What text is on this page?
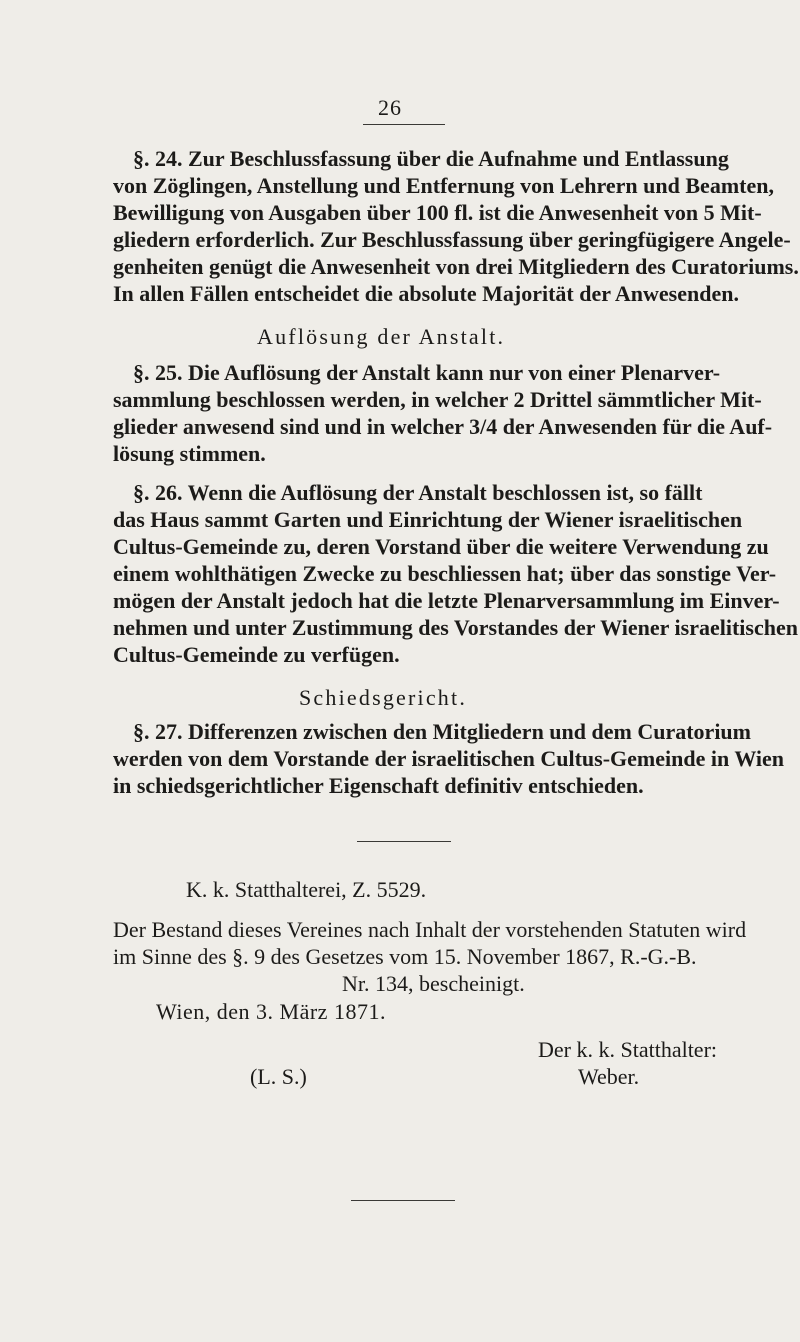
26
§. 24. Zur Beschlussfassung über die Aufnahme und Entlassung
von Zöglingen, Anstellung und Entfernung von Lehrern und Beamten,
Bewilligung von Ausgaben über 100 fl. ist die Anwesenheit von 5 Mit-
gliedern erforderlich. Zur Beschlussfassung über geringfügigere Angele-
genheiten genügt die Anwesenheit von drei Mitgliedern des Curatoriums.
In allen Fällen entscheidet die absolute Majorität der Anwesenden.
Auflösung der Anstalt.
§. 25. Die Auflösung der Anstalt kann nur von einer Plenarver-
sammlung beschlossen werden, in welcher 2 Drittel sämmtlicher Mit-
glieder anwesend sind und in welcher 3/4 der Anwesenden für die Auf-
lösung stimmen.
§. 26. Wenn die Auflösung der Anstalt beschlossen ist, so fällt
das Haus sammt Garten und Einrichtung der Wiener israelitischen
Cultus-Gemeinde zu, deren Vorstand über die weitere Verwendung zu
einem wohlthätigen Zwecke zu beschliessen hat; über das sonstige Ver-
mögen der Anstalt jedoch hat die letzte Plenarversammlung im Einver-
nehmen und unter Zustimmung des Vorstandes der Wiener israelitischen
Cultus-Gemeinde zu verfügen.
Schiedsgericht.
§. 27. Differenzen zwischen den Mitgliedern und dem Curatorium
werden von dem Vorstande der israelitischen Cultus-Gemeinde in Wien
in schiedsgerichtlicher Eigenschaft definitiv entschieden.
K. k. Statthalterei, Z. 5529.
Der Bestand dieses Vereines nach Inhalt der vorstehenden Statuten wird
im Sinne des §. 9 des Gesetzes vom 15. November 1867, R.-G.-B.
Nr. 134, bescheinigt.
Wien, den 3. März 1871.
Der k. k. Statthalter:
(L. S.)	Weber.
